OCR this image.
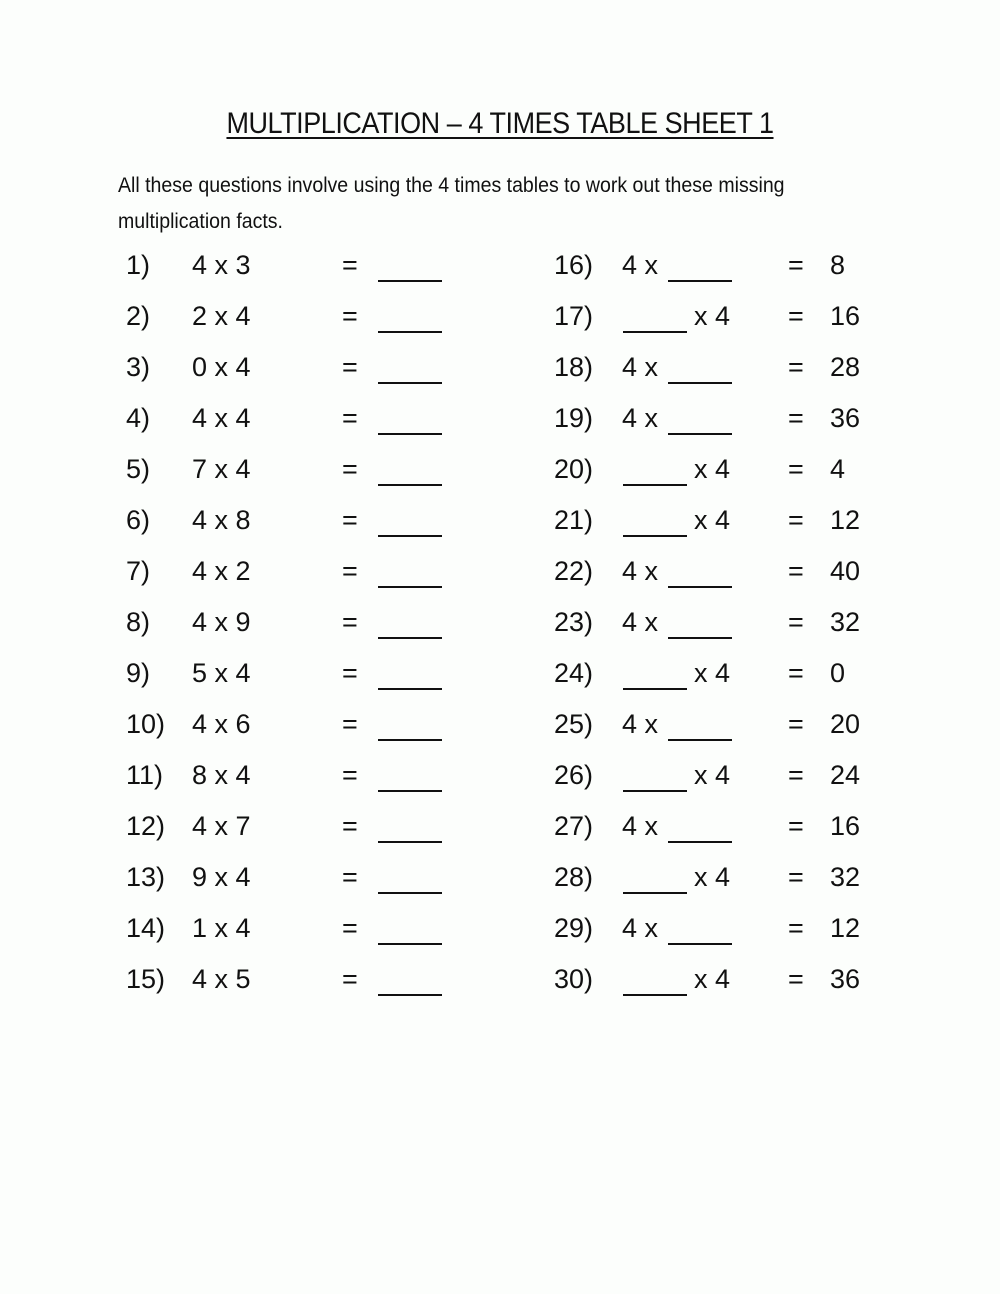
MULTIPLICATION – 4 TIMES TABLE SHEET 1

All these questions involve using the 4 times tables to work out these missing multiplication facts.

1) 4 x 3	=
2) 2 x 4	=
3) 0 x 4	=
4) 4 x 4	=
5) 7 x 4	=
6) 4 x 8	=
7) 4 x 2	=
8) 4 x 9	=
9) 5 x 4	=
10) 4 x 6	=
11) 8 x 4	=
12) 4 x 7	=
13) 9 x 4	=
14) 1 x 4	=
15) 4 x 5	=
16) 4 x	= 8
17)	x 4 = 16
18) 4 x	= 28
19) 4 x	= 36
20)	x 4 = 4
21)	x 4 = 12
22) 4 x	= 40
23) 4 x	= 32
24)	x 4 = 0
25) 4 x	= 20
26)	x 4 = 24
27) 4 x	= 16
28)	x 4 = 32
29) 4 x	= 12
30)	x 4 = 36
